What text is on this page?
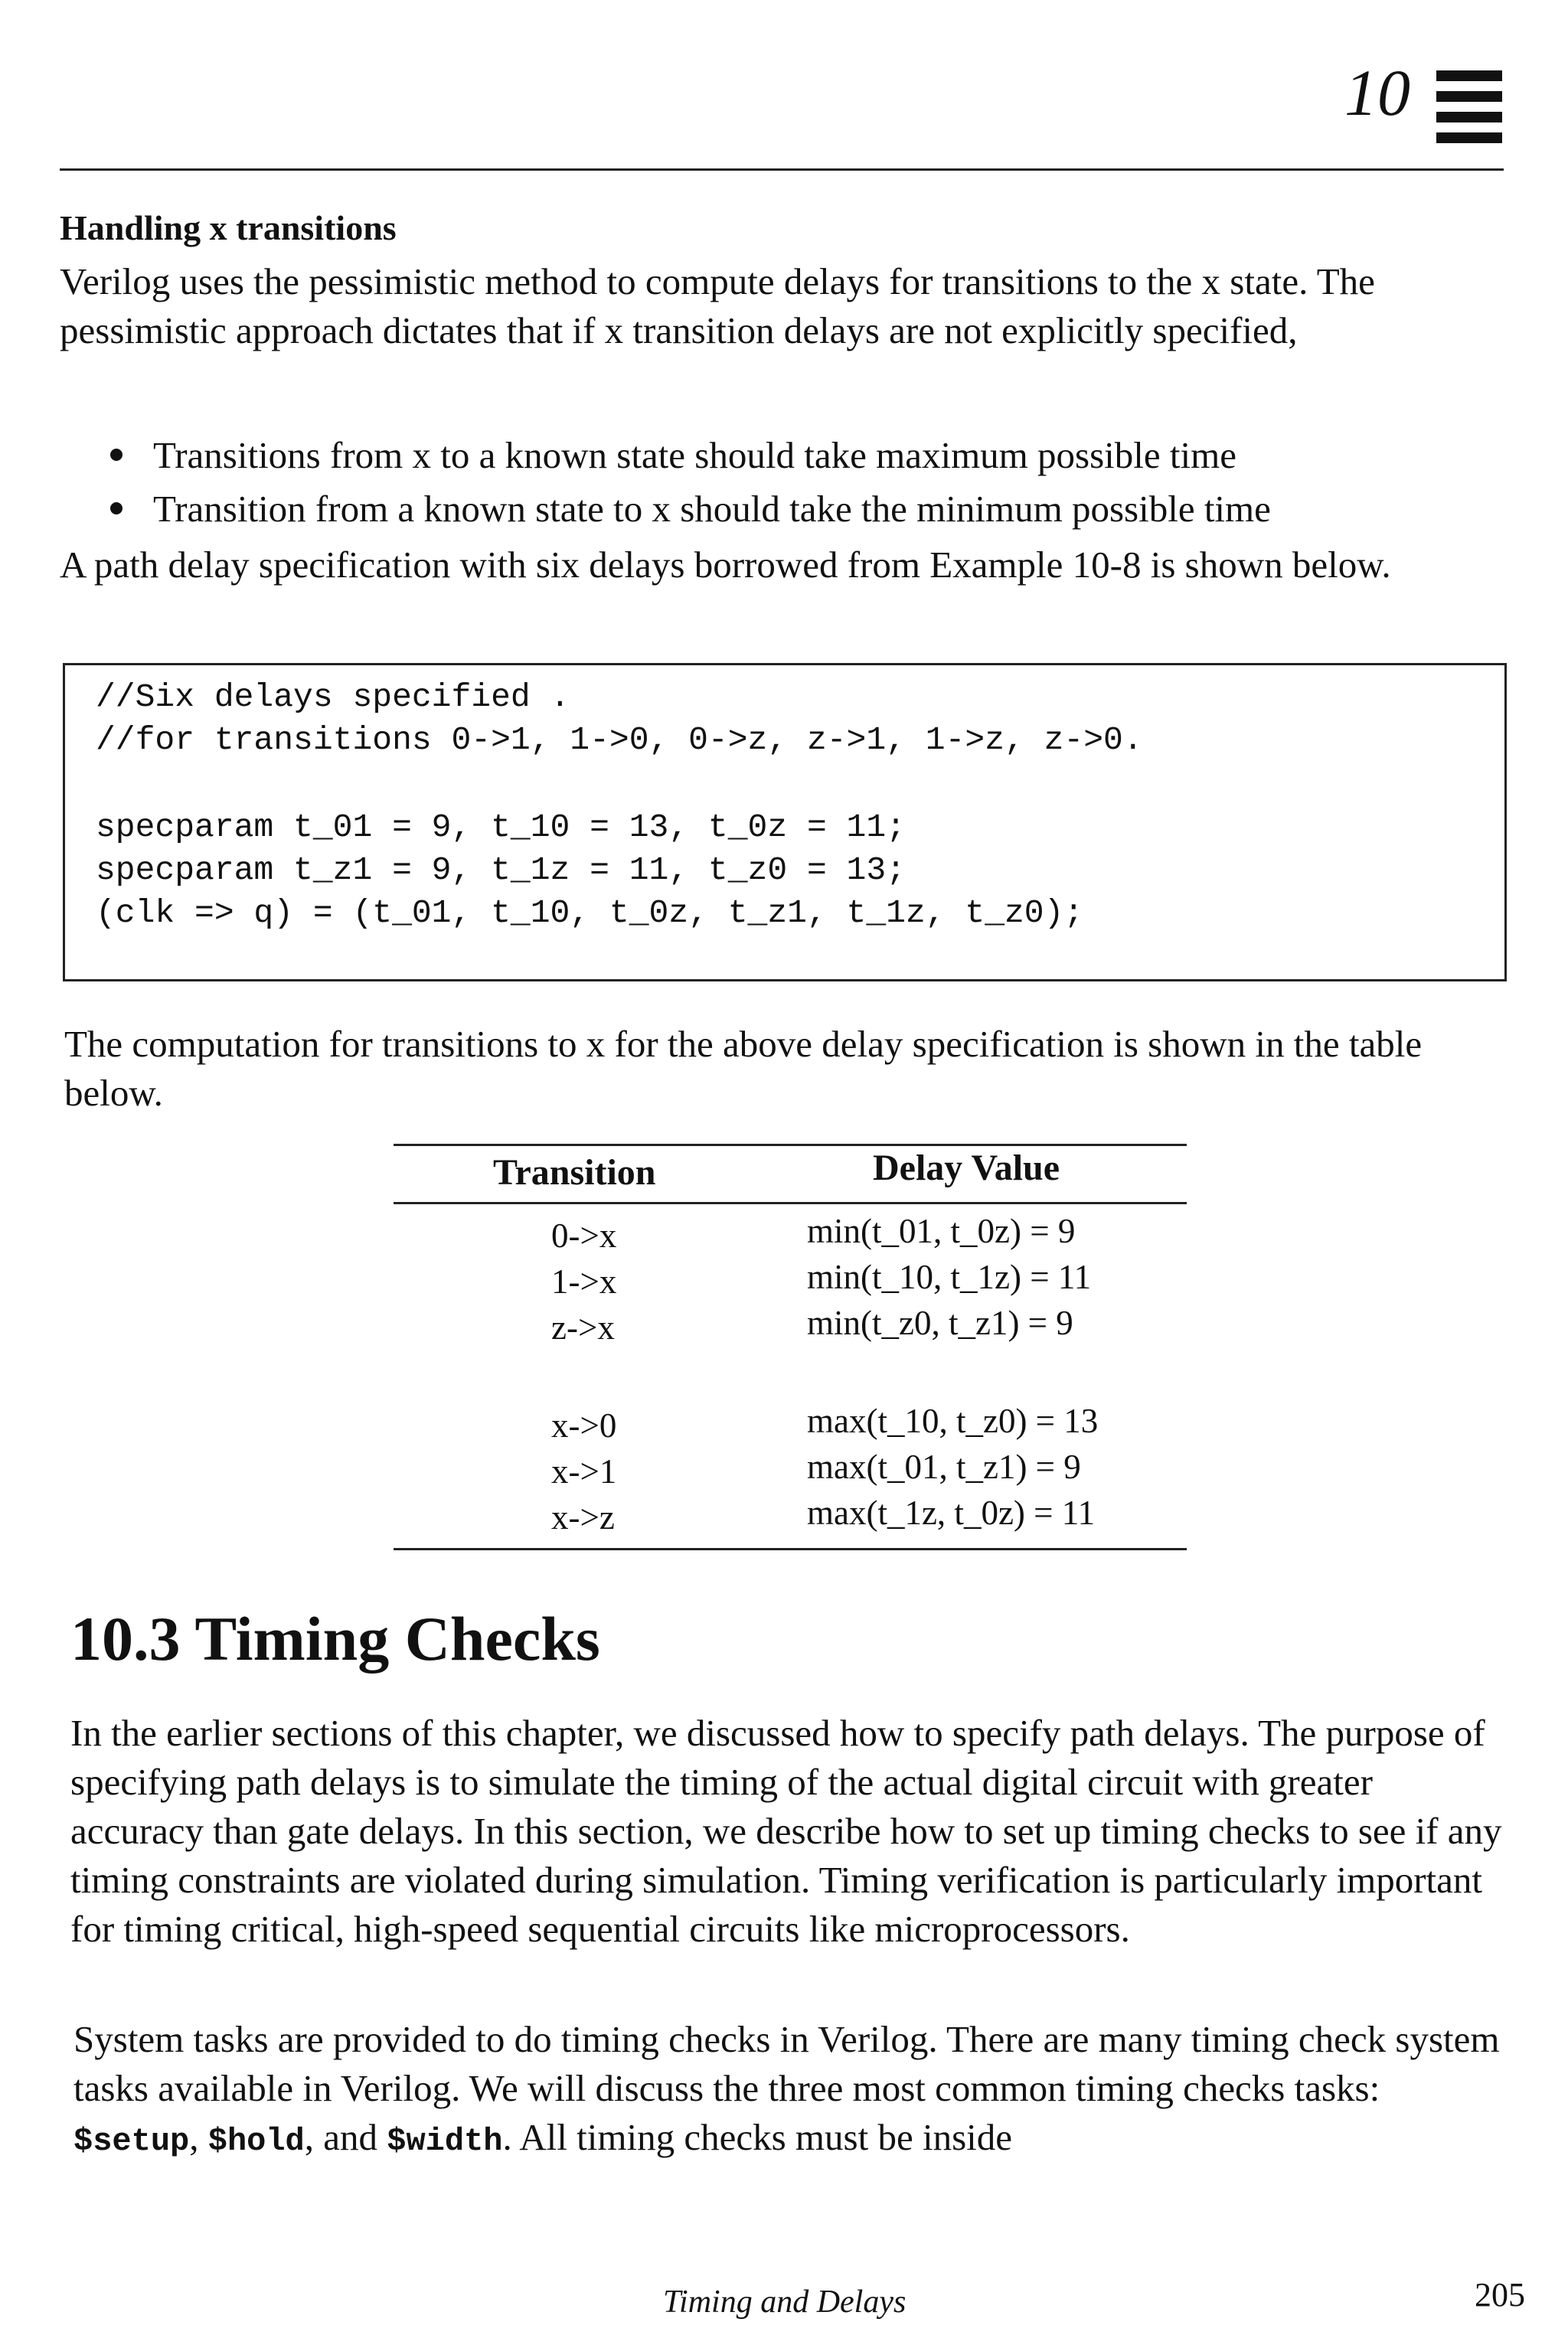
10
Handling x transitions
Verilog uses the pessimistic method to compute delays for transitions to the x state. The pessimistic approach dictates that if x transition delays are not explicitly specified,
Transitions from x to a known state should take maximum possible time
Transition from a known state to x should take the minimum possible time
A path delay specification with six delays borrowed from Example 10-8 is shown below.
//Six delays specified .
//for transitions 0->1, 1->0, 0->z, z->1, 1->z, z->0.
specparam t_01 = 9, t_10 = 13, t_0z = 11;
specparam t_z1 = 9, t_1z = 11, t_z0 = 13;
(clk => q) = (t_01, t_10, t_0z, t_z1, t_1z, t_z0);
The computation for transitions to x for the above delay specification is shown in the table below.
Transition	Delay Value
0->x	min(t_01, t_0z) = 9
1->x	min(t_10, t_1z) = 11
z->x	min(t_z0, t_z1) = 9
x->0	max(t_10, t_z0) = 13
x->1	max(t_01, t_z1) = 9
x->z	max(t_1z, t_0z) = 11
10.3 Timing Checks
In the earlier sections of this chapter, we discussed how to specify path delays. The purpose of specifying path delays is to simulate the timing of the actual digital circuit with greater accuracy than gate delays. In this section, we describe how to set up timing checks to see if any timing constraints are violated during simulation. Timing verification is particularly important for timing critical, high-speed sequential circuits like microprocessors.
System tasks are provided to do timing checks in Verilog. There are many timing check system tasks available in Verilog. We will discuss the three most common timing checks tasks: $setup, $hold, and $width. All timing checks must be inside
Timing and Delays	205
